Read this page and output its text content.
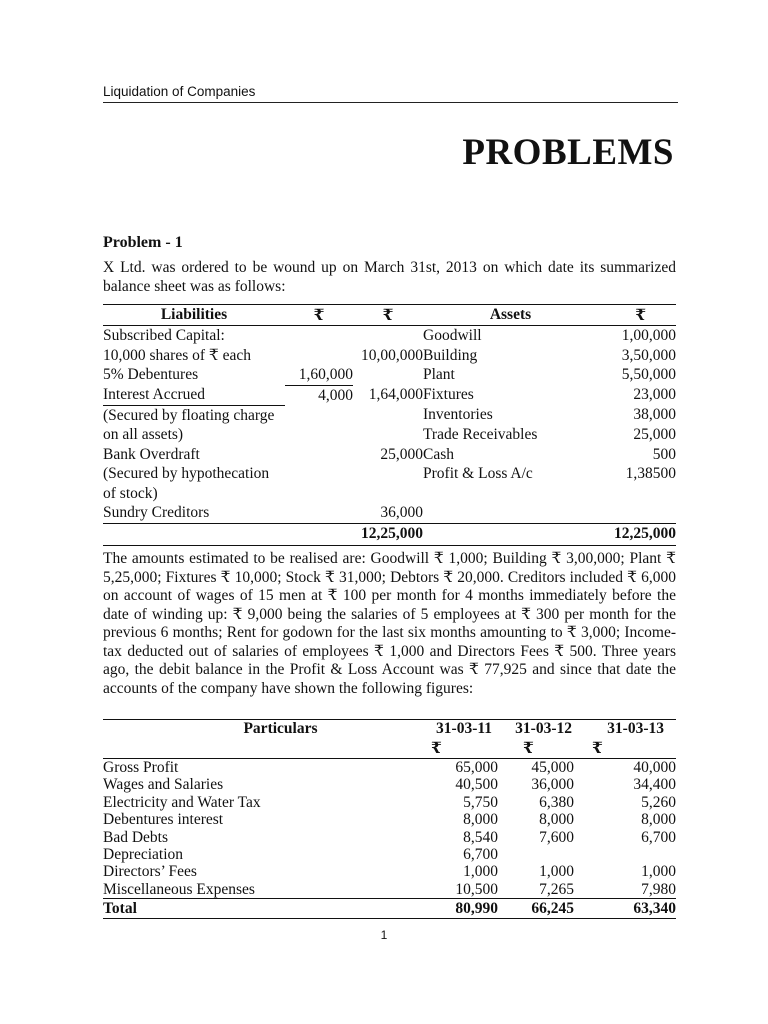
Liquidation of Companies
PROBLEMS
Problem - 1
X Ltd. was ordered to be wound up on March 31st, 2013 on which date its summarized balance sheet was as follows:
Liabilities	₹	₹	Assets	₹
Subscribed Capital:			Goodwill	1,00,000
10,000 shares of ₹ each		10,00,000	Building	3,50,000
5% Debentures	1,60,000		Plant	5,50,000
Interest Accrued	4,000	1,64,000	Fixtures	23,000
(Secured by floating charge			Inventories	38,000
on all assets)			Trade Receivables	25,000
Bank Overdraft		25,000	Cash	500
(Secured by hypothecation			Profit & Loss A/c	1,38500
of stock)				
Sundry Creditors		36,000		
		12,25,000		12,25,000
The amounts estimated to be realised are: Goodwill ₹ 1,000; Building ₹ 3,00,000; Plant ₹ 5,25,000; Fixtures ₹ 10,000; Stock ₹ 31,000; Debtors ₹ 20,000. Creditors included ₹ 6,000 on account of wages of 15 men at ₹ 100 per month for 4 months immediately before the date of winding up: ₹ 9,000 being the salaries of 5 employees at ₹ 300 per month for the previous 6 months; Rent for godown for the last six months amounting to ₹ 3,000; Income-tax deducted out of salaries of employees ₹ 1,000 and Directors Fees ₹ 500. Three years ago, the debit balance in the Profit & Loss Account was ₹ 77,925 and since that date the accounts of the company have shown the following figures:
Particulars	31-03-11	31-03-12	31-03-13
	₹	₹	₹
Gross Profit	65,000	45,000	40,000
Wages and Salaries	40,500	36,000	34,400
Electricity and Water Tax	5,750	6,380	5,260
Debentures interest	8,000	8,000	8,000
Bad Debts	8,540	7,600	6,700
Depreciation	6,700		
Directors’ Fees	1,000	1,000	1,000
Miscellaneous Expenses	10,500	7,265	7,980
Total	80,990	66,245	63,340
1
